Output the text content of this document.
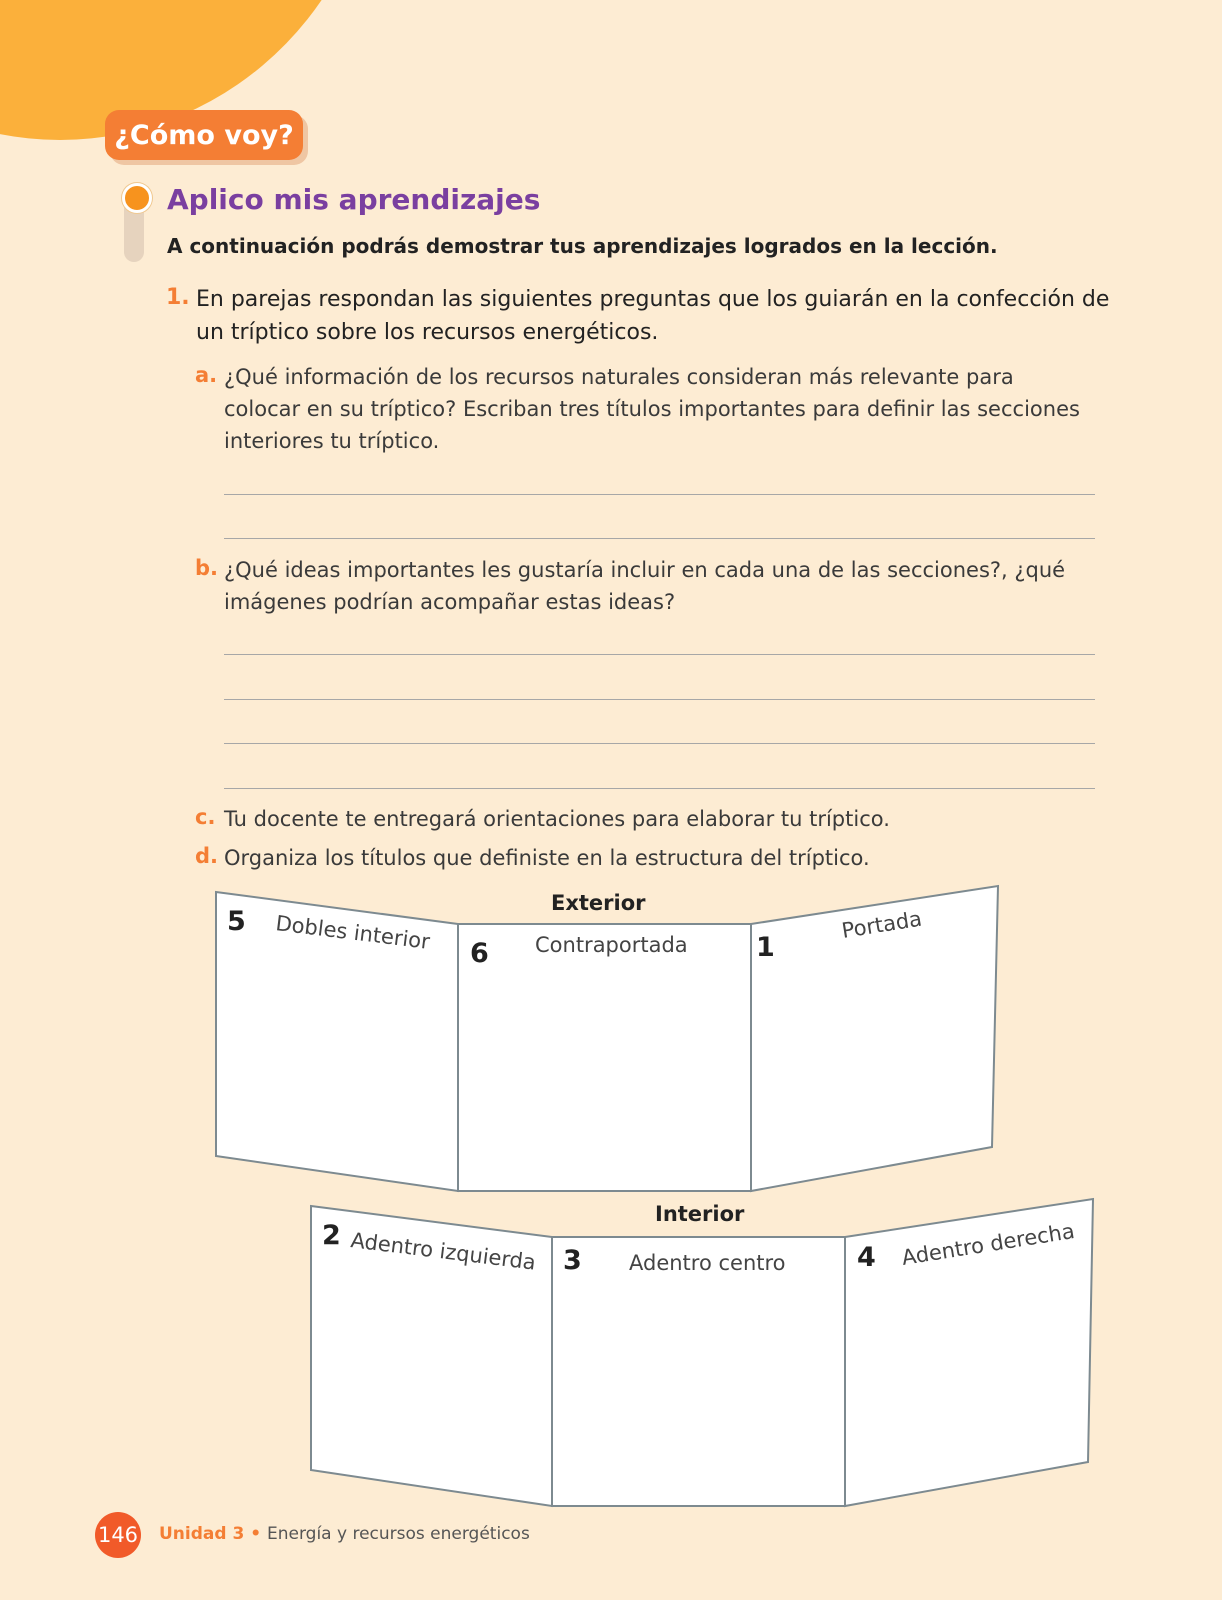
¿Cómo voy?
Aplico mis aprendizajes
A continuación podrás demostrar tus aprendizajes logrados en la lección.
1. En parejas respondan las siguientes preguntas que los guiarán en la confección de un tríptico sobre los recursos energéticos.
a. ¿Qué información de los recursos naturales consideran más relevante para colocar en su tríptico? Escriban tres títulos importantes para definir las secciones interiores tu tríptico.
b. ¿Qué ideas importantes les gustaría incluir en cada una de las secciones?, ¿qué imágenes podrían acompañar estas ideas?
c. Tu docente te entregará orientaciones para elaborar tu tríptico.
d. Organiza los títulos que definiste en la estructura del tríptico.
Exterior
5 Dobles interior 6 Contraportada	1
Portada
2 Adentro izquierda 3 Adentro centro	4 Adentro derecha
Interior
146 Unidad 3 • Energía y recursos energéticos
